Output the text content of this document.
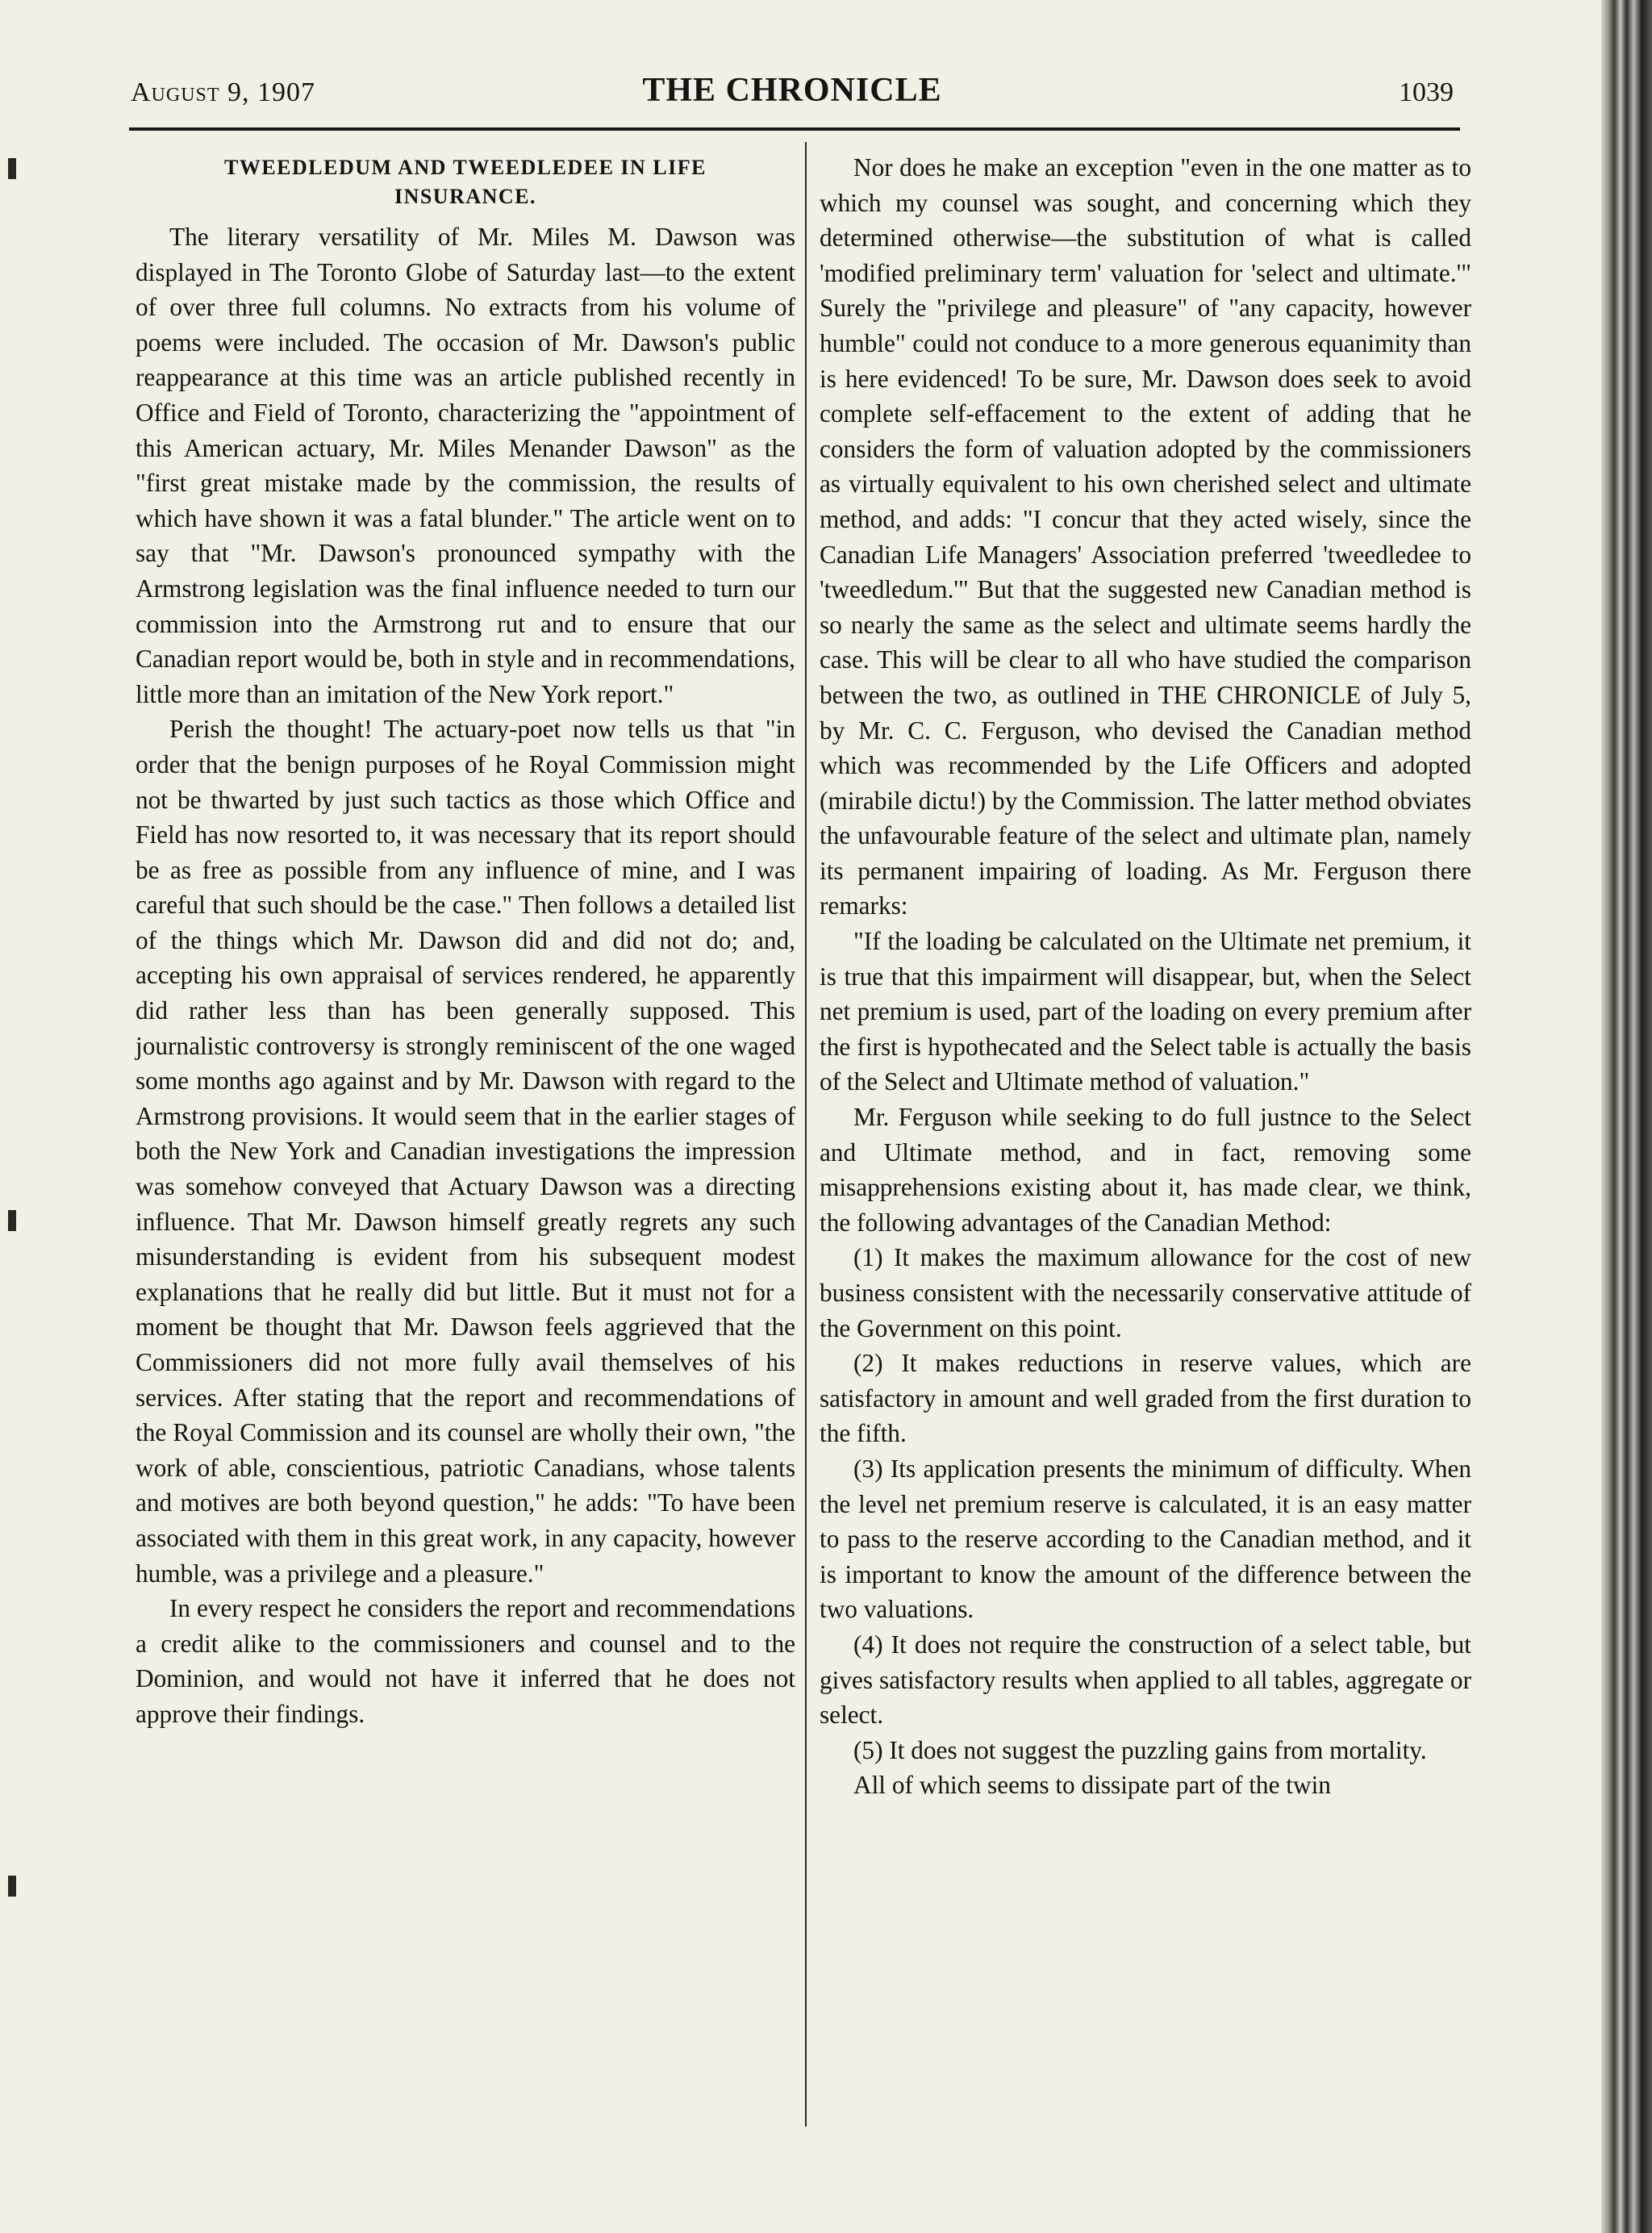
August 9, 1907	THE CHRONICLE	1039
TWEEDLEDUM AND TWEEDLEDEE IN LIFE INSURANCE.

The literary versatility of Mr. Miles M. Dawson was displayed in The Toronto Globe of Saturday last—to the extent of over three full columns. No extracts from his volume of poems were included. The occasion of Mr. Dawson's public reappearance at this time was an article published recently in Office and Field of Toronto, characterizing the "appointment of this American actuary, Mr. Miles Menander Dawson" as the "first great mistake made by the commission, the results of which have shown it was a fatal blunder." The article went on to say that "Mr. Dawson's pronounced sympathy with the Armstrong legislation was the final influence needed to turn our commission into the Armstrong rut and to ensure that our Canadian report would be, both in style and in recommendations, little more than an imitation of the New York report."

Perish the thought! The actuary-poet now tells us that "in order that the benign purposes of he Royal Commission might not be thwarted by just such tactics as those which Office and Field has now resorted to, it was necessary that its report should be as free as possible from any influence of mine, and I was careful that such should be the case." Then follows a detailed list of the things which Mr. Dawson did and did not do; and, accepting his own appraisal of services rendered, he apparently did rather less than has been generally supposed. This journalistic controversy is strongly reminiscent of the one waged some months ago against and by Mr. Dawson with regard to the Armstrong provisions. It would seem that in the earlier stages of both the New York and Canadian investigations the impression was somehow conveyed that Actuary Dawson was a directing influence. That Mr. Dawson himself greatly regrets any such misunderstanding is evident from his subsequent modest explanations that he really did but little. But it must not for a moment be thought that Mr. Dawson feels aggrieved that the Commissioners did not more fully avail themselves of his services. After stating that the report and recommendations of the Royal Commission and its counsel are wholly their own, "the work of able, conscientious, patriotic Canadians, whose talents and motives are both beyond question," he adds: "To have been associated with them in this great work, in any capacity, however humble, was a privilege and a pleasure."

In every respect he considers the report and recommendations a credit alike to the commissioners and counsel and to the Dominion, and would not have it inferred that he does not approve their findings.

Nor does he make an exception "even in the one matter as to which my counsel was sought, and concerning which they determined otherwise—the substitution of what is called 'modified preliminary term' valuation for 'select and ultimate.'" Surely the "privilege and pleasure" of "any capacity, however humble" could not conduce to a more generous equanimity than is here evidenced! To be sure, Mr. Dawson does seek to avoid complete self-effacement to the extent of adding that he considers the form of valuation adopted by the commissioners as virtually equivalent to his own cherished select and ultimate method, and adds: "I concur that they acted wisely, since the Canadian Life Managers' Association preferred 'tweedledee to 'tweedledum.'" But that the suggested new Canadian method is so nearly the same as the select and ultimate seems hardly the case. This will be clear to all who have studied the comparison between the two, as outlined in THE CHRONICLE of July 5, by Mr. C. C. Ferguson, who devised the Canadian method which was recommended by the Life Officers and adopted (mirabile dictu!) by the Commission. The latter method obviates the unfavourable feature of the select and ultimate plan, namely its permanent impairing of loading. As Mr. Ferguson there remarks:

"If the loading be calculated on the Ultimate net premium, it is true that this impairment will disappear, but, when the Select net premium is used, part of the loading on every premium after the first is hypothecated and the Select table is actually the basis of the Select and Ultimate method of valuation."

Mr. Ferguson while seeking to do full justnce to the Select and Ultimate method, and in fact, removing some misapprehensions existing about it, has made clear, we think, the following advantages of the Canadian Method:

(1) It makes the maximum allowance for the cost of new business consistent with the necessarily conservative attitude of the Government on this point.

(2) It makes reductions in reserve values, which are satisfactory in amount and well graded from the first duration to the fifth.

(3) Its application presents the minimum of difficulty. When the level net premium reserve is calculated, it is an easy matter to pass to the reserve according to the Canadian method, and it is important to know the amount of the difference between the two valuations.

(4) It does not require the construction of a select table, but gives satisfactory results when applied to all tables, aggregate or select.

(5) It does not suggest the puzzling gains from mortality.

All of which seems to dissipate part of the twin
